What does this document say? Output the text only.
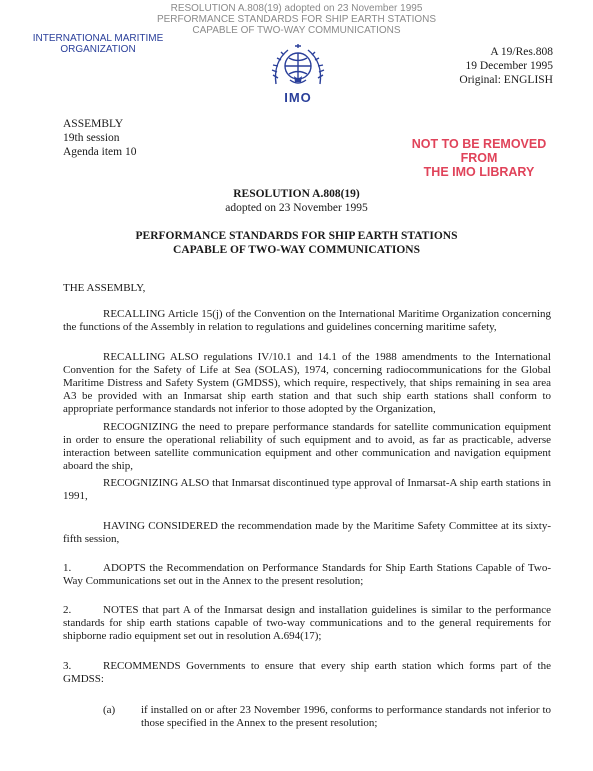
RESOLUTION A.808(19) adopted on 23 November 1995
PERFORMANCE STANDARDS FOR SHIP EARTH STATIONS
CAPABLE OF TWO-WAY COMMUNICATIONS
INTERNATIONAL MARITIME
ORGANIZATION
IMO
A 19/Res.808
19 December 1995
Original: ENGLISH
ASSEMBLY
19th session
Agenda item 10
NOT TO BE REMOVED
FROM
THE IMO LIBRARY
RESOLUTION A.808(19)
adopted on 23 November 1995
PERFORMANCE STANDARDS FOR SHIP EARTH STATIONS
CAPABLE OF TWO-WAY COMMUNICATIONS
THE ASSEMBLY,
RECALLING Article 15(j) of the Convention on the International Maritime Organization concerning the functions of the Assembly in relation to regulations and guidelines concerning maritime safety,
RECALLING ALSO regulations IV/10.1 and 14.1 of the 1988 amendments to the International Convention for the Safety of Life at Sea (SOLAS), 1974, concerning radiocommunications for the Global Maritime Distress and Safety System (GMDSS), which require, respectively, that ships remaining in sea area A3 be provided with an Inmarsat ship earth station and that such ship earth stations shall conform to appropriate performance standards not inferior to those adopted by the Organization,
RECOGNIZING the need to prepare performance standards for satellite communication equipment in order to ensure the operational reliability of such equipment and to avoid, as far as practicable, adverse interaction between satellite communication equipment and other communication and navigation equipment aboard the ship,
RECOGNIZING ALSO that Inmarsat discontinued type approval of Inmarsat-A ship earth stations in 1991,
HAVING CONSIDERED the recommendation made by the Maritime Safety Committee at its sixty-fifth session,
1.	ADOPTS the Recommendation on Performance Standards for Ship Earth Stations Capable of Two-Way Communications set out in the Annex to the present resolution;
2.	NOTES that part A of the Inmarsat design and installation guidelines is similar to the performance standards for ship earth stations capable of two-way communications and to the general requirements for shipborne radio equipment set out in resolution A.694(17);
3.	RECOMMENDS Governments to ensure that every ship earth station which forms part of the GMDSS:
(a) if installed on or after 23 November 1996, conforms to performance standards not inferior to those specified in the Annex to the present resolution;
